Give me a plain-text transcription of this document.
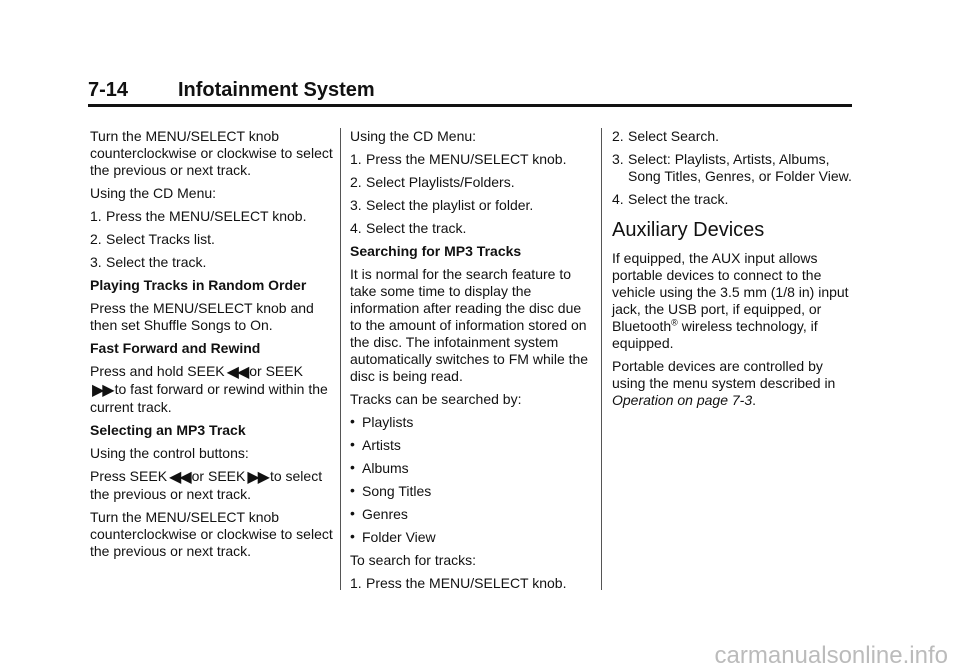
7-14 Infotainment System

Turn the MENU/SELECT knob counterclockwise or clockwise to select the previous or next track.

Using the CD Menu:

1. Press the MENU/SELECT knob.

2. Select Tracks list.

3. Select the track.

Playing Tracks in Random Order

Press the MENU/SELECT knob and then set Shuffle Songs to On.

Fast Forward and Rewind

Press and hold SEEK ◀◀ or SEEK ▶▶ to fast forward or rewind within the current track.

Selecting an MP3 Track

Using the control buttons:

Press SEEK ◀◀ or SEEK ▶▶ to select the previous or next track.

Turn the MENU/SELECT knob counterclockwise or clockwise to select the previous or next track.

Using the CD Menu:

1. Press the MENU/SELECT knob.

2. Select Playlists/Folders.

3. Select the playlist or folder.

4. Select the track.

Searching for MP3 Tracks

It is normal for the search feature to take some time to display the information after reading the disc due to the amount of information stored on the disc. The infotainment system automatically switches to FM while the disc is being read.

Tracks can be searched by:

• Playlists

• Artists

• Albums

• Song Titles

• Genres

• Folder View

To search for tracks:

1. Press the MENU/SELECT knob.

2. Select Search.

3. Select: Playlists, Artists, Albums, Song Titles, Genres, or Folder View.

4. Select the track.

Auxiliary Devices

If equipped, the AUX input allows portable devices to connect to the vehicle using the 3.5 mm (1/8 in) input jack, the USB port, if equipped, or Bluetooth® wireless technology, if equipped.

Portable devices are controlled by using the menu system described in Operation on page 7-3.

carmanualsonline.info
